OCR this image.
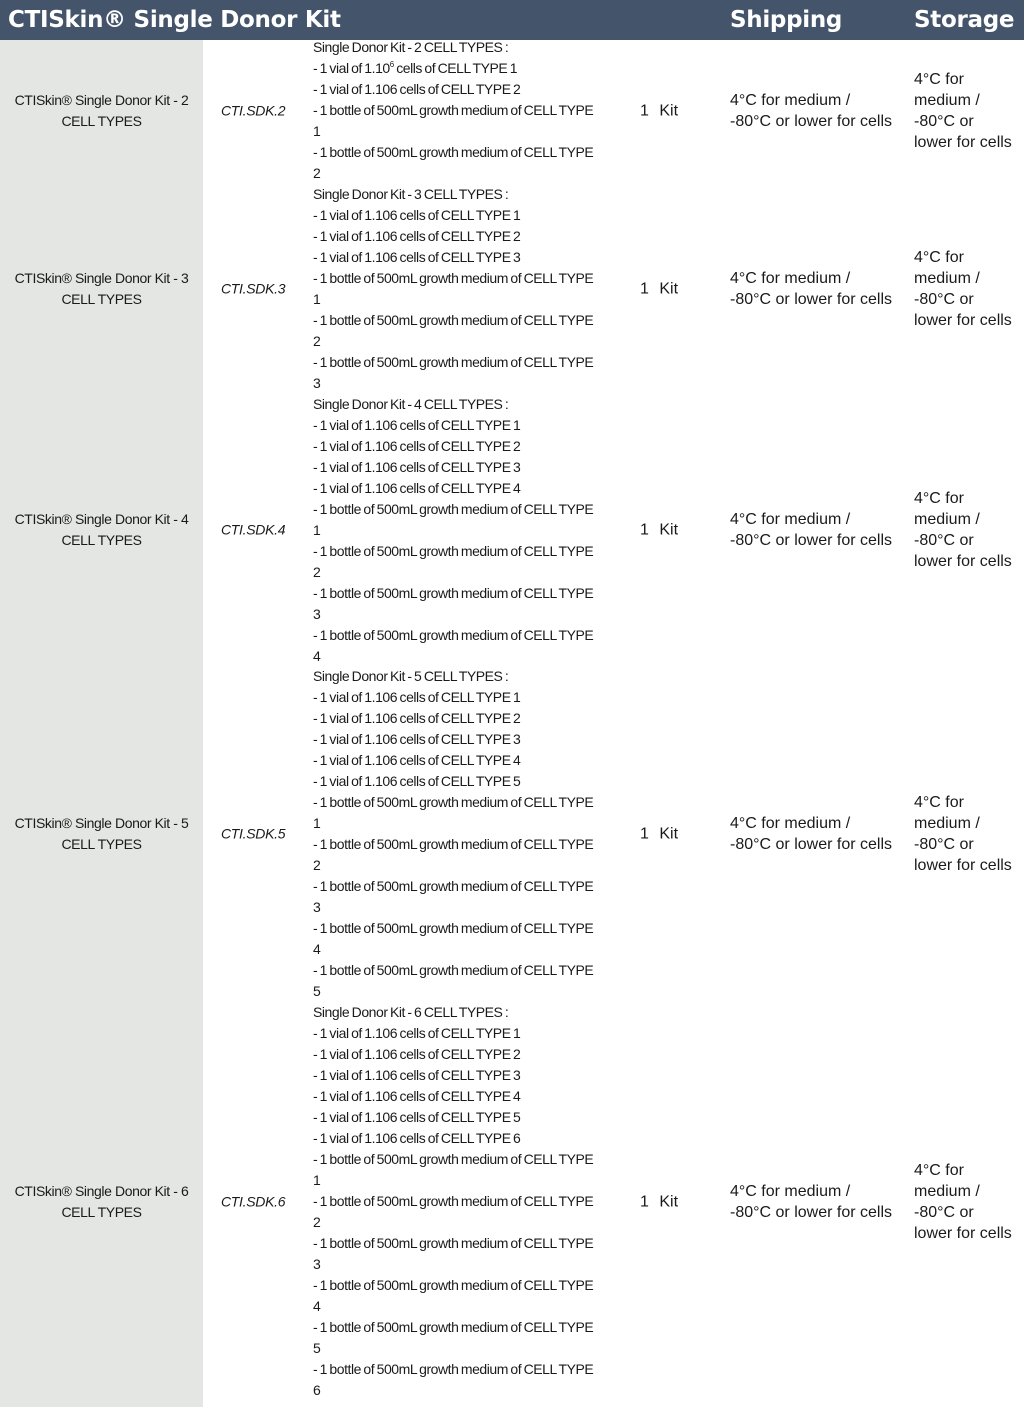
CTISkin® Single Donor Kit	Shipping	Storage
CTISkin® Single Donor Kit - 2
CELL TYPES
CTI.SDK.2
Single Donor Kit - 2 CELL TYPES :
- 1 vial of 1.10$^6$ cells of CELL TYPE 1
- 1 vial of 1.106 cells of CELL TYPE 2
- 1 bottle of 500mL growth medium of CELL TYPE
1
- 1 bottle of 500mL growth medium of CELL TYPE
2
1 Kit
4°C for medium /
-80°C or lower for cells
4°C for
medium /
-80°C or
lower for cells
CTISkin® Single Donor Kit - 3
CELL TYPES
CTI.SDK.3
Single Donor Kit - 3 CELL TYPES :
- 1 vial of 1.106 cells of CELL TYPE 1
- 1 vial of 1.106 cells of CELL TYPE 2
- 1 vial of 1.106 cells of CELL TYPE 3
- 1 bottle of 500mL growth medium of CELL TYPE
1
- 1 bottle of 500mL growth medium of CELL TYPE
2
- 1 bottle of 500mL growth medium of CELL TYPE
3
1 Kit
4°C for medium /
-80°C or lower for cells
4°C for
medium /
-80°C or
lower for cells
CTISkin® Single Donor Kit - 4
CELL TYPES
CTI.SDK.4
Single Donor Kit - 4 CELL TYPES :
- 1 vial of 1.106 cells of CELL TYPE 1
- 1 vial of 1.106 cells of CELL TYPE 2
- 1 vial of 1.106 cells of CELL TYPE 3
- 1 vial of 1.106 cells of CELL TYPE 4
- 1 bottle of 500mL growth medium of CELL TYPE
1
- 1 bottle of 500mL growth medium of CELL TYPE
2
- 1 bottle of 500mL growth medium of CELL TYPE
3
- 1 bottle of 500mL growth medium of CELL TYPE
4
1 Kit
4°C for medium /
-80°C or lower for cells
4°C for
medium /
-80°C or
lower for cells
CTISkin® Single Donor Kit - 5
CELL TYPES
CTI.SDK.5
Single Donor Kit - 5 CELL TYPES :
- 1 vial of 1.106 cells of CELL TYPE 1
- 1 vial of 1.106 cells of CELL TYPE 2
- 1 vial of 1.106 cells of CELL TYPE 3
- 1 vial of 1.106 cells of CELL TYPE 4
- 1 vial of 1.106 cells of CELL TYPE 5
- 1 bottle of 500mL growth medium of CELL TYPE
1
- 1 bottle of 500mL growth medium of CELL TYPE
2
- 1 bottle of 500mL growth medium of CELL TYPE
3
- 1 bottle of 500mL growth medium of CELL TYPE
4
- 1 bottle of 500mL growth medium of CELL TYPE
5
1 Kit
4°C for medium /
-80°C or lower for cells
4°C for
medium /
-80°C or
lower for cells
CTISkin® Single Donor Kit - 6
CELL TYPES
CTI.SDK.6
Single Donor Kit - 6 CELL TYPES :
- 1 vial of 1.106 cells of CELL TYPE 1
- 1 vial of 1.106 cells of CELL TYPE 2
- 1 vial of 1.106 cells of CELL TYPE 3
- 1 vial of 1.106 cells of CELL TYPE 4
- 1 vial of 1.106 cells of CELL TYPE 5
- 1 vial of 1.106 cells of CELL TYPE 6
- 1 bottle of 500mL growth medium of CELL TYPE
1
- 1 bottle of 500mL growth medium of CELL TYPE
2
- 1 bottle of 500mL growth medium of CELL TYPE
3
- 1 bottle of 500mL growth medium of CELL TYPE
4
- 1 bottle of 500mL growth medium of CELL TYPE
5
- 1 bottle of 500mL growth medium of CELL TYPE
6
1 Kit
4°C for medium /
-80°C or lower for cells
4°C for
medium /
-80°C or
lower for cells
